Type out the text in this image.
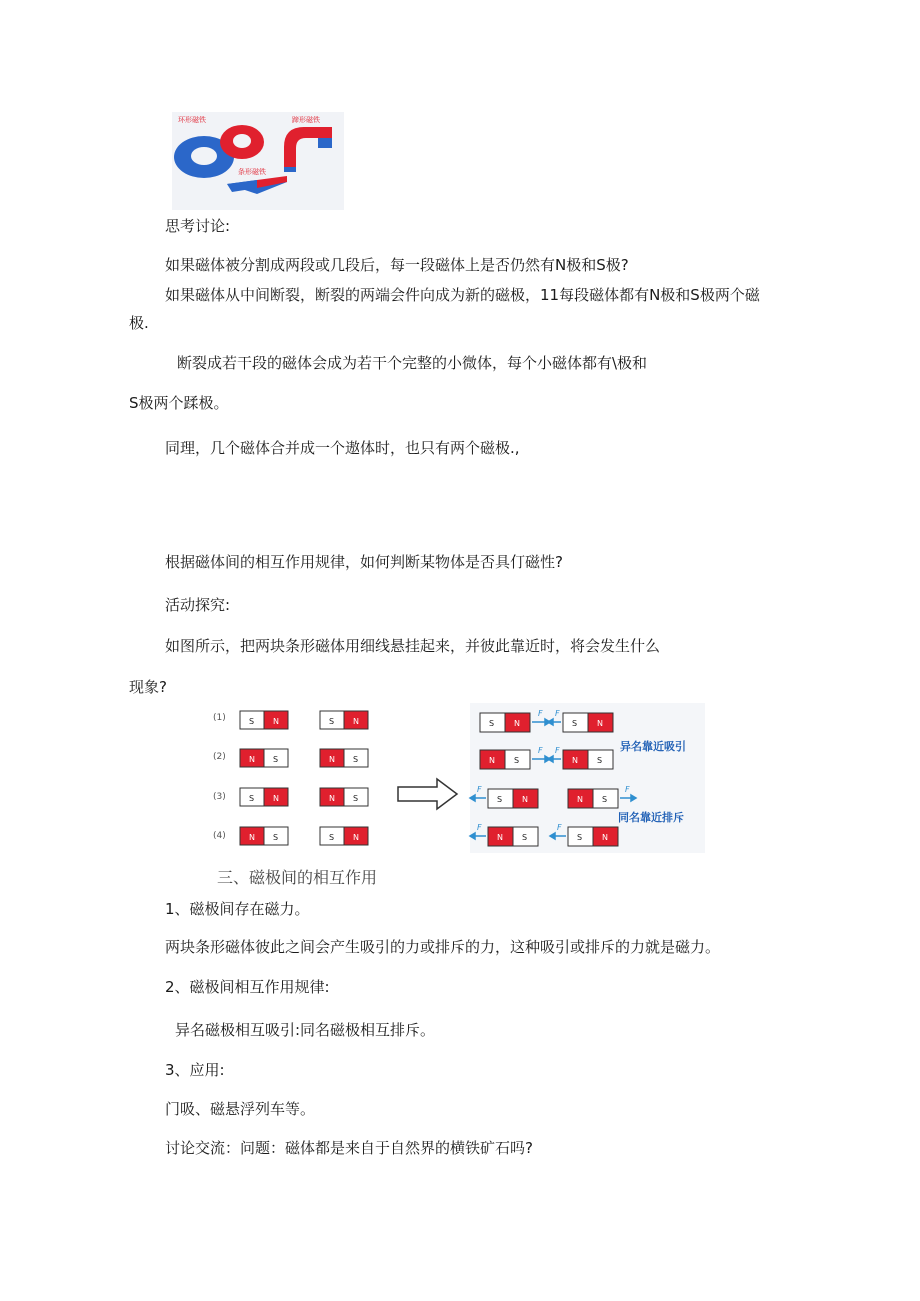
环形磁铁	蹄形磁铁
条形磁铁
思考讨论:
如果磁体被分割成两段或几段后，每一段磁体上是否仍然有N极和S极?
如果磁体从中间断裂，断裂的两端会件向成为新的磁极，11每段磁体都有N极和S极两个磁
极.
断裂成若干段的磁体会成为若干个完整的小微体，每个小磁体都有\极和
S极两个蹂极。
同理，几个磁体合并成一个遨体时，也只有两个磁极.,
根据磁体间的相互作用规律，如何判断某物体是否具仃磁性?
活动探究:
如图所示，把两块条形磁体用细线悬挂起来，并彼此靠近时，将会发生什么
现象?
(1)
(2)
(3)
(4)
S N	S N
N S	N S
S N	N S
N S	S N
S N	S N
N S	N S
S N	N S
N S	S N
F F
F F
F	F
F	F
异名靠近吸引
同名靠近排斥
三、磁极间的相互作用
1、磁极间存在磁力。
两块条形磁体彼此之间会产生吸引的力或排斥的力，这种吸引或排斥的力就是磁力。
2、磁极间相互作用规律:
异名磁极相互吸引:同名磁极相互排斥。
3、应用:
门吸、磁悬浮列车等。
讨论交流：问题：磁体都是来自于自然界的横铁矿石吗?
